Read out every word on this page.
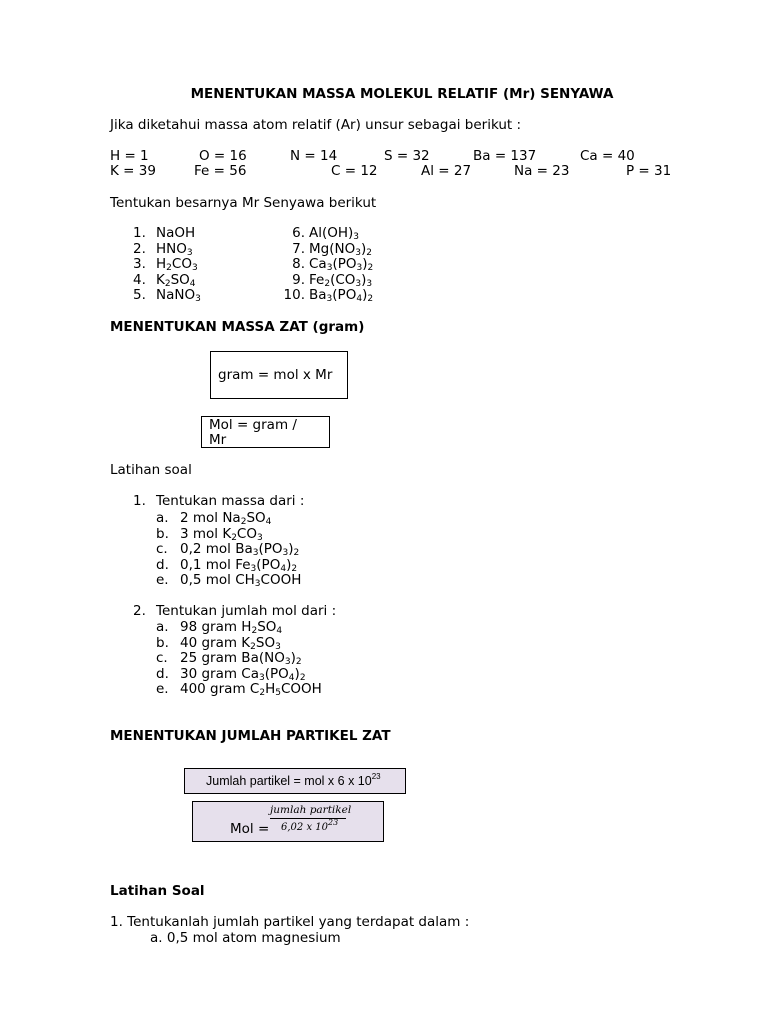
MENENTUKAN MASSA MOLEKUL RELATIF (Mr) SENYAWA
Jika diketahui massa atom relatif (Ar) unsur sebagai berikut :
H = 1	O = 16	N = 14	S = 32	Ba = 137	Ca = 40
K = 39	Fe = 56	C = 12	Al = 27	Na = 23	P = 31
Tentukan besarnya Mr Senyawa berikut
1. NaOH
2. $HNO_3$
3. $H_2CO_3$
4. $K_2SO_4$
5. NaNO$_3$
6. $Al(OH)_3$
7. $Mg(NO_3)_2$
8. $Ca_3(PO_3)_2$
9. $Fe_2(CO_3)_3$
10. $Ba_3(PO_4)_2$
MENENTUKAN MASSA ZAT (gram)
gram = mol x Mr
Mol = gram /
Mr
Latihan soal
1. Tentukan massa dari :
a. 2 mol $Na_2SO_4$
b. 3 mol $K_2CO_3$
c. 0,2 mol $Ba_3(PO_3)_2$
d. 0,1 mol $Fe_3(PO_4)_2$
e. 0,5 mol $CH_3COOH$
2. Tentukan jumlah mol dari :
a. 98 gram $H_2SO_4$
b. 40 gram $K_2SO_3$
c. 25 gram $Ba(NO_3)_2$
d. 30 gram $Ca_3(PO_4)_2$
e. 400 gram $C_2H_5COOH$
MENENTUKAN JUMLAH PARTIKEL ZAT
Jumlah partikel = mol x 6 x $10^{23}$
Mol =
jumlah partikel
6,02 x $10^{23}$
Latihan Soal
1. Tentukanlah jumlah partikel yang terdapat dalam :
a. 0,5 mol atom magnesium
